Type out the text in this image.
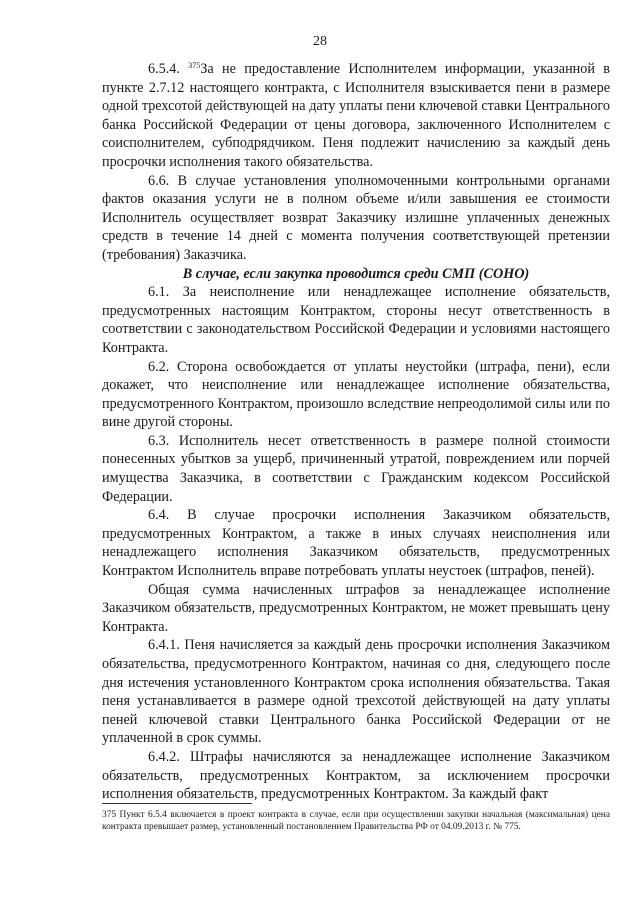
28

6.5.4. $^{375}$За не предоставление Исполнителем информации, указанной в пункте 2.7.12 настоящего контракта, с Исполнителя взыскивается пени в размере одной трехсотой действующей на дату уплаты пени ключевой ставки Центрального банка Российской Федерации от цены договора, заключенного Исполнителем с соисполнителем, субподрядчиком. Пеня подлежит начислению за каждый день просрочки исполнения такого обязательства.

6.6. В случае установления уполномоченными контрольными органами фактов оказания услуги не в полном объеме и/или завышения ее стоимости Исполнитель осуществляет возврат Заказчику излишне уплаченных денежных средств в течение 14 дней с момента получения соответствующей претензии (требования) Заказчика.

В случае, если закупка проводится среди СМП (СОНО)

6.1. За неисполнение или ненадлежащее исполнение обязательств, предусмотренных настоящим Контрактом, стороны несут ответственность в соответствии с законодательством Российской Федерации и условиями настоящего Контракта.

6.2. Сторона освобождается от уплаты неустойки (штрафа, пени), если докажет, что неисполнение или ненадлежащее исполнение обязательства, предусмотренного Контрактом, произошло вследствие непреодолимой силы или по вине другой стороны.

6.3. Исполнитель несет ответственность в размере полной стоимости понесенных убытков за ущерб, причиненный утратой, повреждением или порчей имущества Заказчика, в соответствии с Гражданским кодексом Российской Федерации.

6.4. В случае просрочки исполнения Заказчиком обязательств, предусмотренных Контрактом, а также в иных случаях неисполнения или ненадлежащего исполнения Заказчиком обязательств, предусмотренных Контрактом Исполнитель вправе потребовать уплаты неустоек (штрафов, пеней).

Общая сумма начисленных штрафов за ненадлежащее исполнение Заказчиком обязательств, предусмотренных Контрактом, не может превышать цену Контракта.

6.4.1. Пеня начисляется за каждый день просрочки исполнения Заказчиком обязательства, предусмотренного Контрактом, начиная со дня, следующего после дня истечения установленного Контрактом срока исполнения обязательства. Такая пеня устанавливается в размере одной трехсотой действующей на дату уплаты пеней ключевой ставки Центрального банка Российской Федерации от не уплаченной в срок суммы.

6.4.2. Штрафы начисляются за ненадлежащее исполнение Заказчиком обязательств, предусмотренных Контрактом, за исключением просрочки исполнения обязательств, предусмотренных Контрактом. За каждый факт

375 Пункт 6.5.4 включается в проект контракта в случае, если при осуществлении закупки начальная (максимальная) цена контракта превышает размер, установленный постановлением Правительства РФ от 04.09.2013 г. № 775.
